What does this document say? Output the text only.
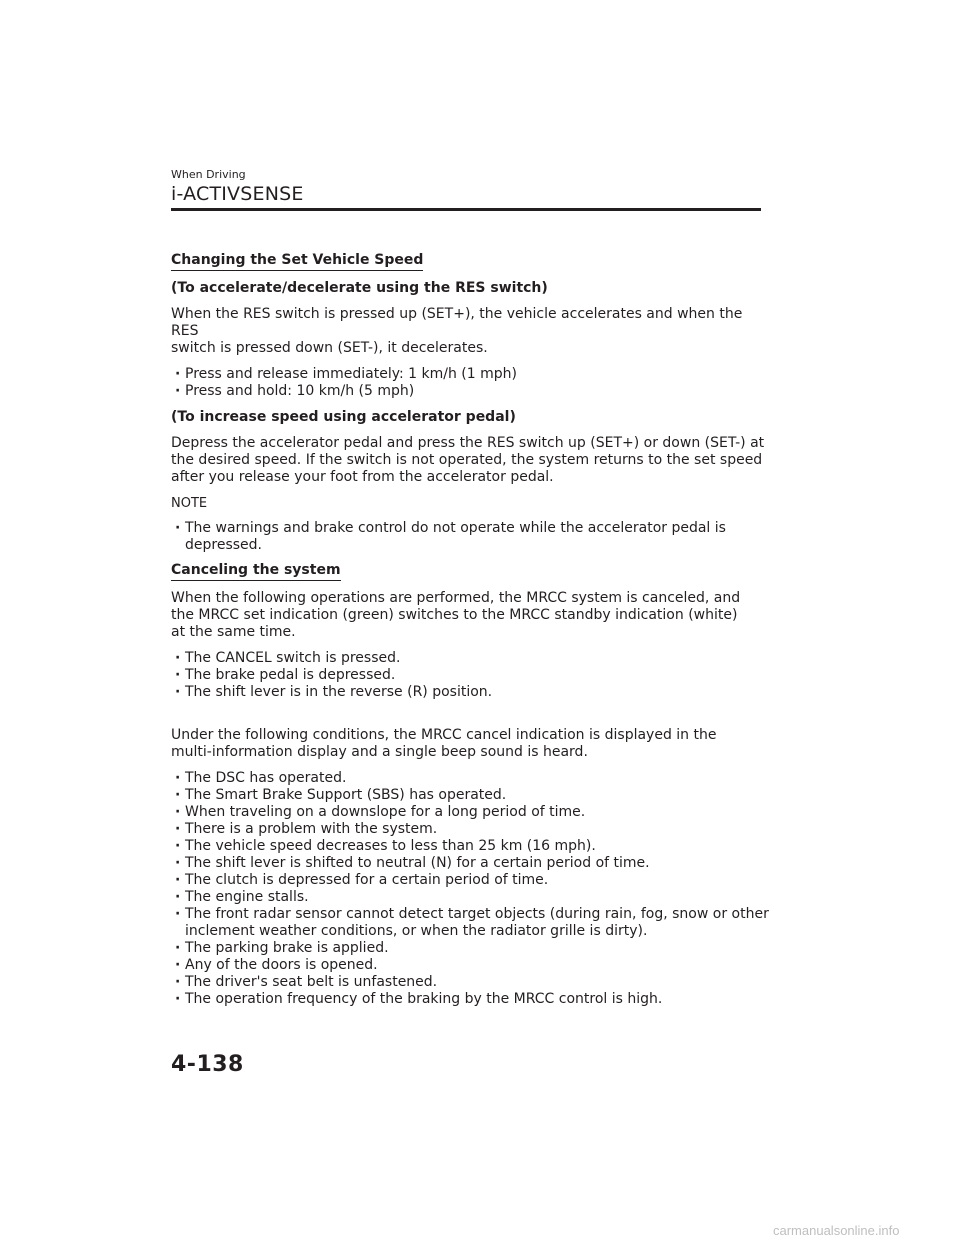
When Driving
i-ACTIVSENSE
Changing the Set Vehicle Speed
(To accelerate/decelerate using the RES switch)

When the RES switch is pressed up (SET+), the vehicle accelerates and when the RES
switch is pressed down (SET-), it decelerates.

· Press and release immediately: 1 km/h (1 mph)
· Press and hold: 10 km/h (5 mph)
(To increase speed using accelerator pedal)

Depress the accelerator pedal and press the RES switch up (SET+) or down (SET-) at
the desired speed. If the switch is not operated, the system returns to the set speed
after you release your foot from the accelerator pedal.

NOTE
· The warnings and brake control do not operate while the accelerator pedal is
depressed.
Canceling the system

When the following operations are performed, the MRCC system is canceled, and
the MRCC set indication (green) switches to the MRCC standby indication (white)
at the same time.

· The CANCEL switch is pressed.
· The brake pedal is depressed.
· The shift lever is in the reverse (R) position.

Under the following conditions, the MRCC cancel indication is displayed in the
multi-information display and a single beep sound is heard.

· The DSC has operated.
· The Smart Brake Support (SBS) has operated.
· When traveling on a downslope for a long period of time.
· There is a problem with the system.
· The vehicle speed decreases to less than 25 km (16 mph).
· The shift lever is shifted to neutral (N) for a certain period of time.
· The clutch is depressed for a certain period of time.
· The engine stalls.
· The front radar sensor cannot detect target objects (during rain, fog, snow or other
inclement weather conditions, or when the radiator grille is dirty).
· The parking brake is applied.
· Any of the doors is opened.
· The driver's seat belt is unfastened.
· The operation frequency of the braking by the MRCC control is high.
4-138
carmanualsonline.info
